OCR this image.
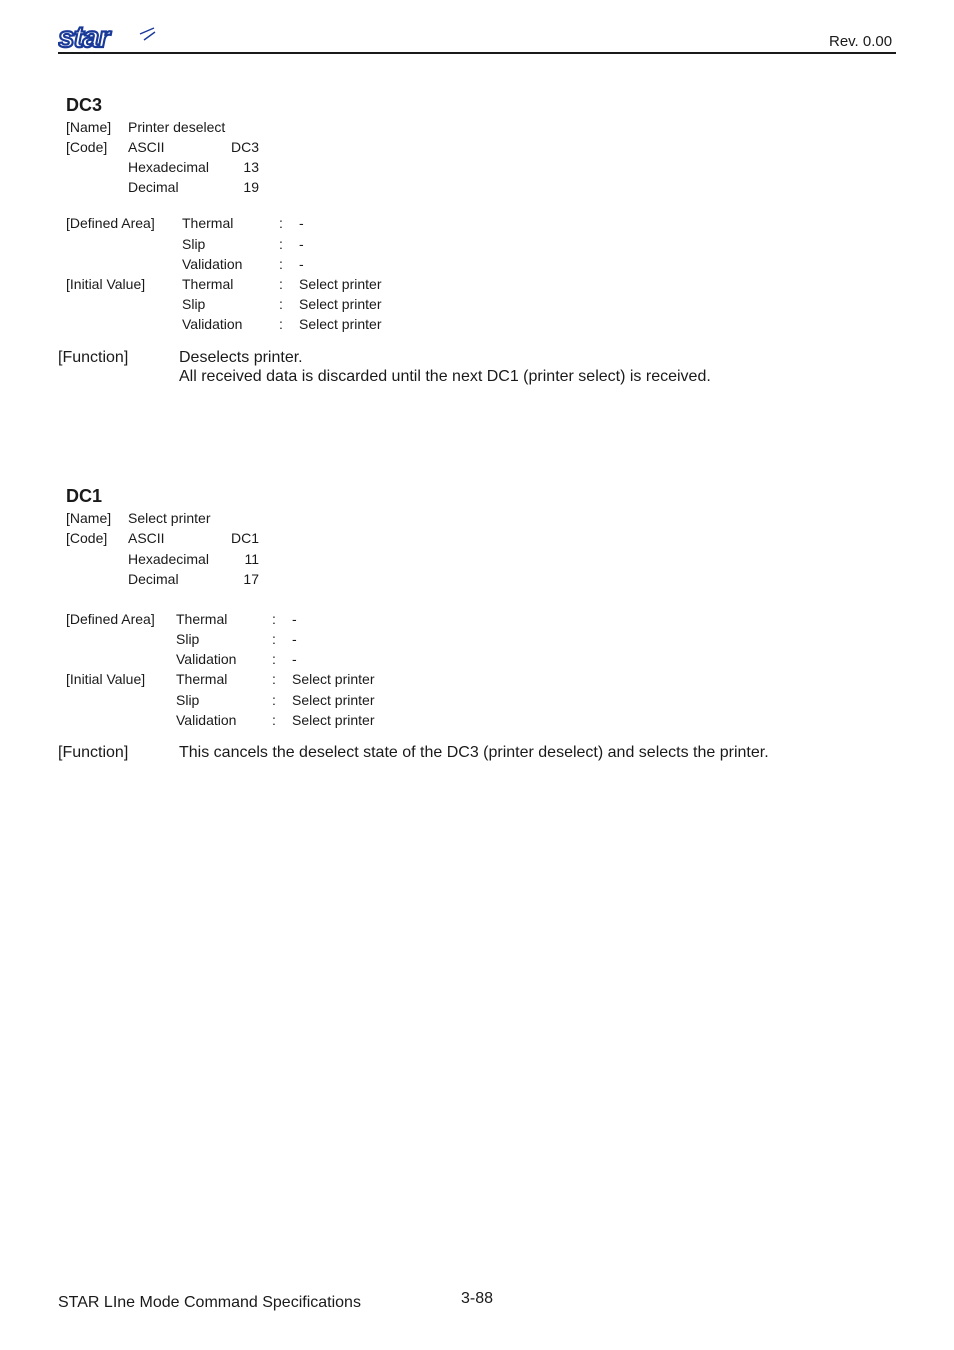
star	Rev. 0.00
DC3
[Name] Printer deselect
[Code] ASCII	DC3
Hexadecimal	13
Decimal	19
[Defined Area] Thermal	: -
Slip	: -
Validation	: -
[Initial Value]	Thermal	: Select printer
Slip	: Select printer
Validation	: Select printer
[Function]	Deselects printer.
All received data is discarded until the next DC1 (printer select) is received.
DC1
[Name] Select printer
[Code] ASCII	DC1
Hexadecimal	11
Decimal	17
[Defined Area] Thermal	: -
Slip	: -
Validation	: -
[Initial Value] Thermal	: Select printer
Slip	: Select printer
Validation	: Select printer
[Function]	This cancels the deselect state of the DC3 (printer deselect) and selects the printer.
STAR LIne Mode Command Specifications	3-88
